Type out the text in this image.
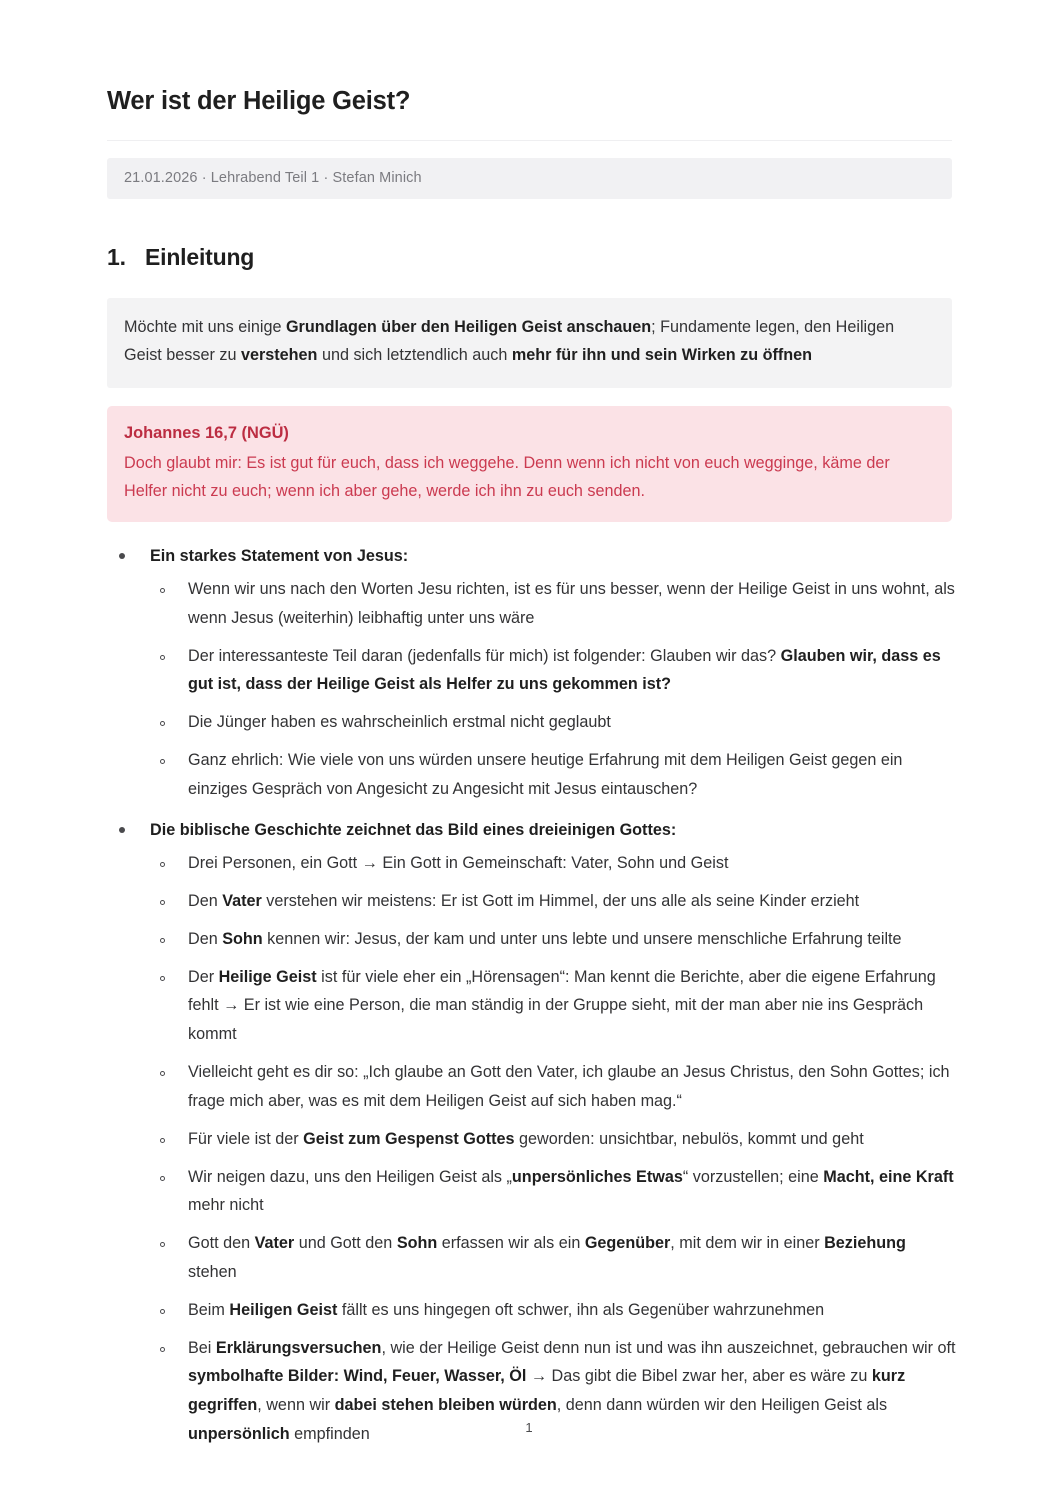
Wer ist der Heilige Geist?
21.01.2026 · Lehrabend Teil 1 · Stefan Minich
1. Einleitung
Möchte mit uns einige Grundlagen über den Heiligen Geist anschauen; Fundamente legen, den Heiligen Geist besser zu verstehen und sich letztendlich auch mehr für ihn und sein Wirken zu öffnen
Johannes 16,7 (NGÜ)
Doch glaubt mir: Es ist gut für euch, dass ich weggehe. Denn wenn ich nicht von euch wegginge, käme der Helfer nicht zu euch; wenn ich aber gehe, werde ich ihn zu euch senden.
Ein starkes Statement von Jesus:
Wenn wir uns nach den Worten Jesu richten, ist es für uns besser, wenn der Heilige Geist in uns wohnt, als wenn Jesus (weiterhin) leibhaftig unter uns wäre
Der interessanteste Teil daran (jedenfalls für mich) ist folgender: Glauben wir das? Glauben wir, dass es gut ist, dass der Heilige Geist als Helfer zu uns gekommen ist?
Die Jünger haben es wahrscheinlich erstmal nicht geglaubt
Ganz ehrlich: Wie viele von uns würden unsere heutige Erfahrung mit dem Heiligen Geist gegen ein einziges Gespräch von Angesicht zu Angesicht mit Jesus eintauschen?
Die biblische Geschichte zeichnet das Bild eines dreieinigen Gottes:
Drei Personen, ein Gott → Ein Gott in Gemeinschaft: Vater, Sohn und Geist
Den Vater verstehen wir meistens: Er ist Gott im Himmel, der uns alle als seine Kinder erzieht
Den Sohn kennen wir: Jesus, der kam und unter uns lebte und unsere menschliche Erfahrung teilte
Der Heilige Geist ist für viele eher ein „Hörensagen“: Man kennt die Berichte, aber die eigene Erfahrung fehlt → Er ist wie eine Person, die man ständig in der Gruppe sieht, mit der man aber nie ins Gespräch kommt
Vielleicht geht es dir so: „Ich glaube an Gott den Vater, ich glaube an Jesus Christus, den Sohn Gottes; ich frage mich aber, was es mit dem Heiligen Geist auf sich haben mag.“
Für viele ist der Geist zum Gespenst Gottes geworden: unsichtbar, nebulös, kommt und geht
Wir neigen dazu, uns den Heiligen Geist als „unpersönliches Etwas“ vorzustellen; eine Macht, eine Kraft mehr nicht
Gott den Vater und Gott den Sohn erfassen wir als ein Gegenüber, mit dem wir in einer Beziehung stehen
Beim Heiligen Geist fällt es uns hingegen oft schwer, ihn als Gegenüber wahrzunehmen
Bei Erklärungsversuchen, wie der Heilige Geist denn nun ist und was ihn auszeichnet, gebrauchen wir oft symbolhafte Bilder: Wind, Feuer, Wasser, Öl → Das gibt die Bibel zwar her, aber es wäre zu kurz gegriffen, wenn wir dabei stehen bleiben würden, denn dann würden wir den Heiligen Geist als unpersönlich empfinden	1
